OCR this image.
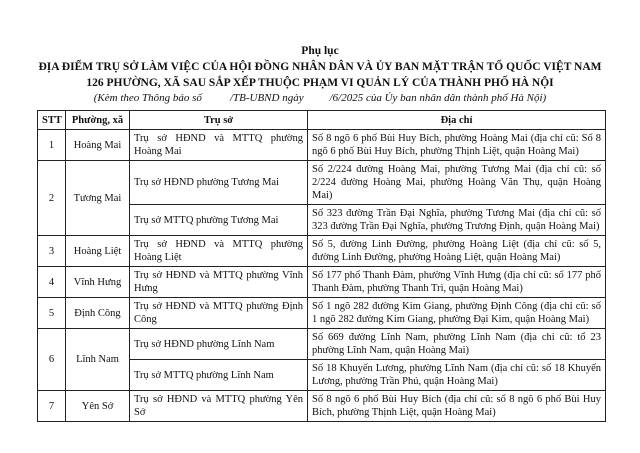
Phụ lục
ĐỊA ĐIỂM TRỤ SỞ LÀM VIỆC CỦA HỘI ĐỒNG NHÂN DÂN VÀ ỦY BAN MẶT TRẬN TỔ QUỐC VIỆT NAM
126 PHƯỜNG, XÃ SAU SẮP XẾP THUỘC PHẠM VI QUẢN LÝ CỦA THÀNH PHỐ HÀ NỘI
(Kèm theo Thông báo số	/TB-UBND ngày /6/2025 của Ủy ban nhân dân thành phố Hà Nội)
STT	Phường, xã	Trụ sở	Địa chỉ
1	Hoàng Mai	Trụ sở HĐND và MTTQ phường Hoàng Mai	Số 8 ngõ 6 phố Bùi Huy Bích, phường Hoàng Mai (địa chỉ cũ: Số 8 ngõ 6 phố Bùi Huy Bích, phường Thịnh Liệt, quận Hoàng Mai)
2	Tương Mai	Trụ sở HĐND phường Tương Mai	Số 2/224 đường Hoàng Mai, phường Tương Mai (địa chỉ cũ: số 2/224 đường Hoàng Mai, phường Hoàng Văn Thụ, quận Hoàng Mai)
		Trụ sở MTTQ phường Tương Mai	Số 323 đường Trần Đại Nghĩa, phường Tương Mai (địa chỉ cũ: số 323 đường Trần Đại Nghĩa, phường Trương Định, quận Hoàng Mai)
3	Hoàng Liệt	Trụ sở HĐND và MTTQ phường Hoàng Liệt	Số 5, đường Linh Đường, phường Hoàng Liệt (địa chỉ cũ: số 5, đường Linh Đường, phường Hoàng Liệt, quận Hoàng Mai)
4	Vĩnh Hưng	Trụ sở HĐND và MTTQ phường Vĩnh Hưng	Số 177 phố Thanh Đàm, phường Vĩnh Hưng (địa chỉ cũ: số 177 phố Thanh Đàm, phường Thanh Trì, quận Hoàng Mai)
5	Định Công	Trụ sở HĐND và MTTQ phường Định Công	Số 1 ngõ 282 đường Kim Giang, phường Định Công (địa chỉ cũ: số 1 ngõ 282 đường Kim Giang, phường Đại Kim, quận Hoàng Mai)
6	Lĩnh Nam	Trụ sở HĐND phường Lĩnh Nam	Số 669 đường Lĩnh Nam, phường Lĩnh Nam (địa chỉ cũ: tổ 23 phường Lĩnh Nam, quận Hoàng Mai)
		Trụ sở MTTQ phường Lĩnh Nam	Số 18 Khuyến Lương, phường Lĩnh Nam (địa chỉ cũ: số 18 Khuyến Lương, phường Trần Phú, quận Hoàng Mai)
7	Yên Sở	Trụ sở HĐND và MTTQ phường Yên Sở	Số 8 ngõ 6 phố Bùi Huy Bích (địa chỉ cũ: số 8 ngõ 6 phố Bùi Huy Bích, phường Thịnh Liệt, quận Hoàng Mai)
